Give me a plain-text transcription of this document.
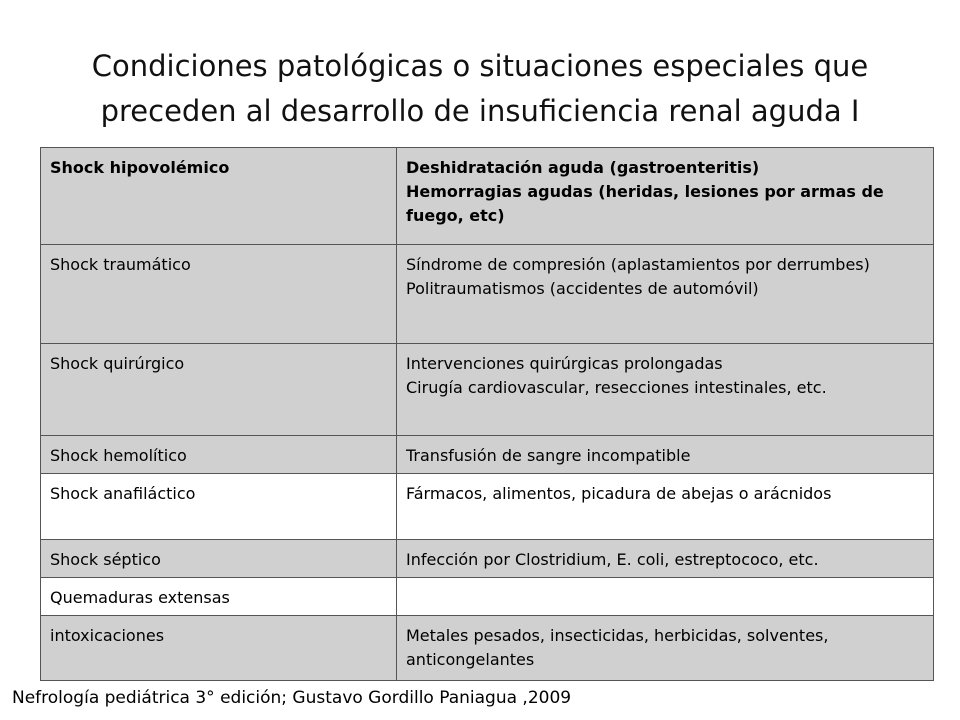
Condiciones patológicas o situaciones especiales que
preceden al desarrollo de insuficiencia renal aguda I
Shock hipovolémico	Deshidratación aguda (gastroenteritis)
Hemorragias agudas (heridas, lesiones por armas de fuego, etc)

Shock traumático	Síndrome de compresión (aplastamientos por derrumbes)
Politraumatismos (accidentes de automóvil)

Shock quirúrgico	Intervenciones quirúrgicas prolongadas
Cirugía cardiovascular, resecciones intestinales, etc.

Shock hemolítico	Transfusión de sangre incompatible

Shock anafiláctico	Fármacos, alimentos, picadura de abejas o arácnidos

Shock séptico	Infección por Clostridium, E. coli, estreptococo, etc.

Quemaduras extensas	

intoxicaciones	Metales pesados, insecticidas, herbicidas, solventes, anticongelantes
Nefrología pediátrica 3° edición; Gustavo Gordillo Paniagua ,2009
